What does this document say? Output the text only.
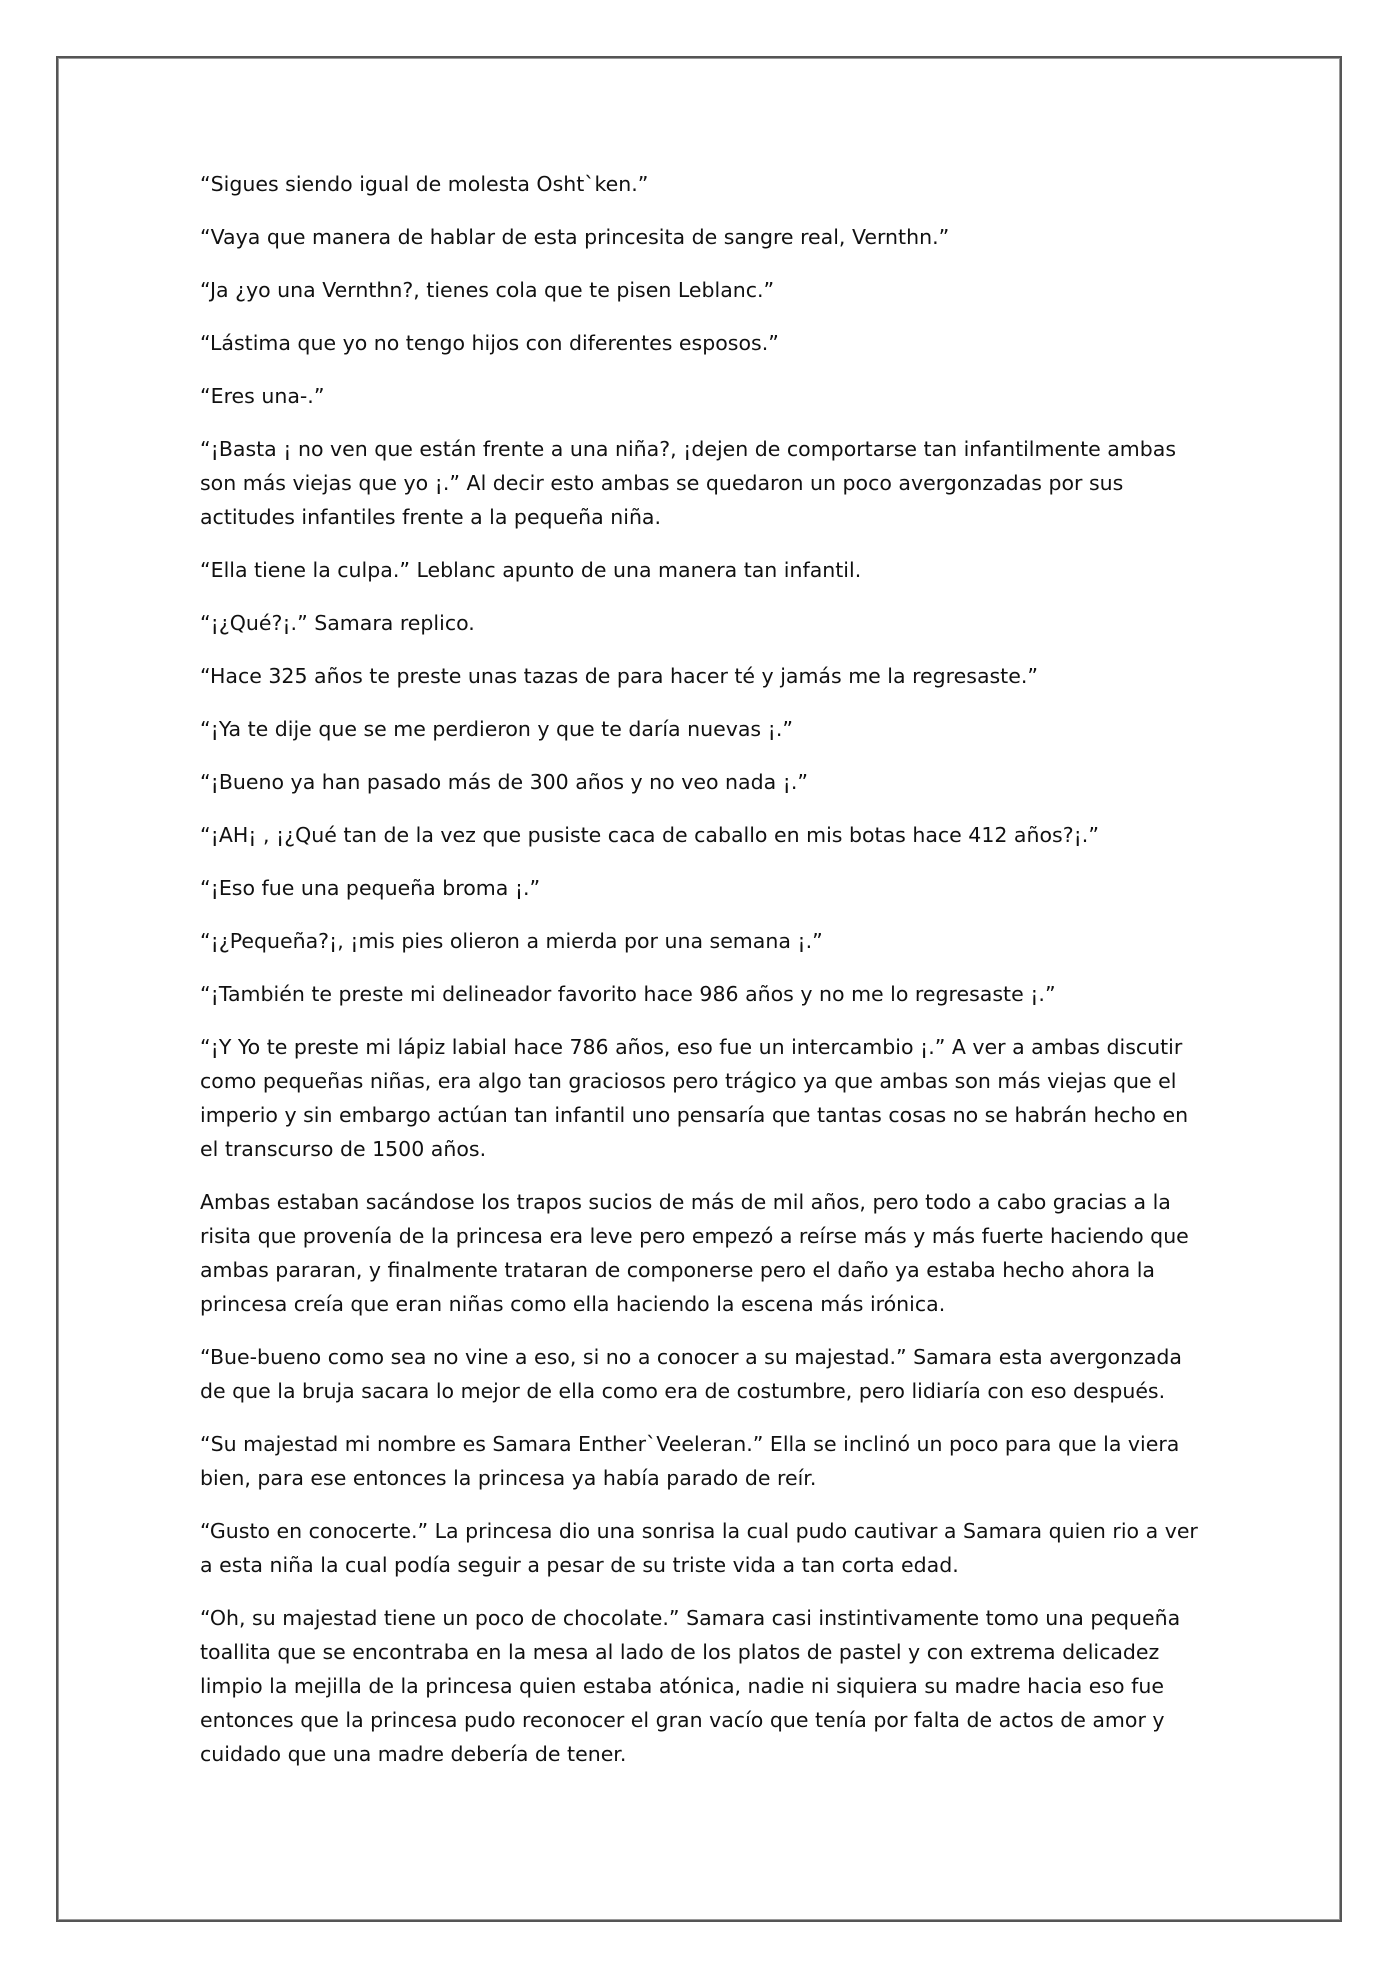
“Sigues siendo igual de molesta Osht`ken.”

“Vaya que manera de hablar de esta princesita de sangre real, Vernthn.”

“Ja ¿yo una Vernthn?, tienes cola que te pisen Leblanc.”

“Lástima que yo no tengo hijos con diferentes esposos.”

“Eres una-.”

“¡Basta ¡ no ven que están frente a una niña?, ¡dejen de comportarse tan infantilmente ambas son más viejas que yo ¡.” Al decir esto ambas se quedaron un poco avergonzadas por sus actitudes infantiles frente a la pequeña niña.

“Ella tiene la culpa.” Leblanc apunto de una manera tan infantil.

“¡¿Qué?¡.” Samara replico.

“Hace 325 años te preste unas tazas de para hacer té y jamás me la regresaste.”

“¡Ya te dije que se me perdieron y que te daría nuevas ¡.”

“¡Bueno ya han pasado más de 300 años y no veo nada ¡.”

“¡AH¡ , ¡¿Qué tan de la vez que pusiste caca de caballo en mis botas hace 412 años?¡.”

“¡Eso fue una pequeña broma ¡.”

“¡¿Pequeña?¡, ¡mis pies olieron a mierda por una semana ¡.”

“¡También te preste mi delineador favorito hace 986 años y no me lo regresaste ¡.”

“¡Y Yo te preste mi lápiz labial hace 786 años, eso fue un intercambio ¡.” A ver a ambas discutir como pequeñas niñas, era algo tan graciosos pero trágico ya que ambas son más viejas que el imperio y sin embargo actúan tan infantil uno pensaría que tantas cosas no se habrán hecho en el transcurso de 1500 años.

Ambas estaban sacándose los trapos sucios de más de mil años, pero todo a cabo gracias a la risita que provenía de la princesa era leve pero empezó a reírse más y más fuerte haciendo que ambas pararan, y finalmente trataran de componerse pero el daño ya estaba hecho ahora la princesa creía que eran niñas como ella haciendo la escena más irónica.

“Bue-bueno como sea no vine a eso, si no a conocer a su majestad.” Samara esta avergonzada de que la bruja sacara lo mejor de ella como era de costumbre, pero lidiaría con eso después.

“Su majestad mi nombre es Samara Enther`Veeleran.” Ella se inclinó un poco para que la viera bien, para ese entonces la princesa ya había parado de reír.

“Gusto en conocerte.” La princesa dio una sonrisa la cual pudo cautivar a Samara quien rio a ver a esta niña la cual podía seguir a pesar de su triste vida a tan corta edad.

“Oh, su majestad tiene un poco de chocolate.” Samara casi instintivamente tomo una pequeña toallita que se encontraba en la mesa al lado de los platos de pastel y con extrema delicadez limpio la mejilla de la princesa quien estaba atónica, nadie ni siquiera su madre hacia eso fue entonces que la princesa pudo reconocer el gran vacío que tenía por falta de actos de amor y cuidado que una madre debería de tener.
